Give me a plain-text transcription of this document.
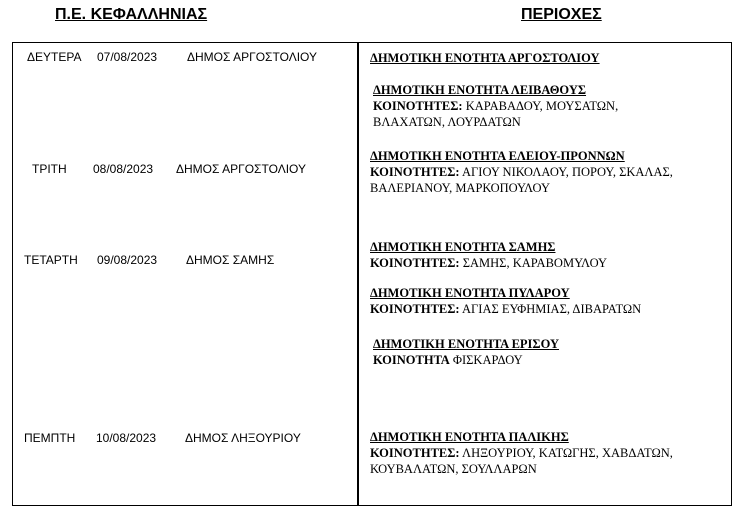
Π.Ε. ΚΕΦΑΛΛΗΝΙΑΣ	ΠΕΡΙΟΧΕΣ
ΔΕΥΤΕΡΑ 07/08/2023 ΔΗΜΟΣ ΑΡΓΟΣΤΟΛΙΟΥ
ΤΡΙΤΗ 08/08/2023 ΔΗΜΟΣ ΑΡΓΟΣΤΟΛΙΟΥ
ΤΕΤΑΡΤΗ 09/08/2023 ΔΗΜΟΣ ΣΑΜΗΣ
ΠΕΜΠΤΗ 10/08/2023 ΔΗΜΟΣ ΛΗΞΟΥΡΙΟΥ
ΔΗΜΟΤΙΚΗ ΕΝΟΤΗΤΑ ΑΡΓΟΣΤΟΛΙΟΥ
ΔΗΜΟΤΙΚΗ ΕΝΟΤΗΤΑ ΛΕΙΒΑΘΟΥΣ
ΚΟΙΝΟΤΗΤΕΣ: ΚΑΡΑΒΑΔΟΥ, ΜΟΥΣΑΤΩΝ,
ΒΛΑΧΑΤΩΝ, ΛΟΥΡΔΑΤΩΝ
ΔΗΜΟΤΙΚΗ ΕΝΟΤΗΤΑ ΕΛΕΙΟΥ-ΠΡΟΝΝΩΝ
ΚΟΙΝΟΤΗΤΕΣ: ΑΓΙΟΥ ΝΙΚΟΛΑΟΥ, ΠΟΡΟΥ, ΣΚΑΛΑΣ,
ΒΑΛΕΡΙΑΝΟΥ, ΜΑΡΚΟΠΟΥΛΟΥ
ΔΗΜΟΤΙΚΗ ΕΝΟΤΗΤΑ ΣΑΜΗΣ
ΚΟΙΝΟΤΗΤΕΣ: ΣΑΜΗΣ, ΚΑΡΑΒΟΜΥΛΟΥ
ΔΗΜΟΤΙΚΗ ΕΝΟΤΗΤΑ ΠΥΛΑΡΟΥ
ΚΟΙΝΟΤΗΤΕΣ: ΑΓΙΑΣ ΕΥΦΗΜΙΑΣ, ΔΙΒΑΡΑΤΩΝ
ΔΗΜΟΤΙΚΗ ΕΝΟΤΗΤΑ ΕΡΙΣΟΥ
ΚΟΙΝΟΤΗΤΑ ΦΙΣΚΑΡΔΟΥ
ΔΗΜΟΤΙΚΗ ΕΝΟΤΗΤΑ ΠΑΛΙΚΗΣ
ΚΟΙΝΟΤΗΤΕΣ: ΛΗΞΟΥΡΙΟΥ, ΚΑΤΩΓΗΣ, ΧΑΒΔΑΤΩΝ,
ΚΟΥΒΑΛΑΤΩΝ, ΣΟΥΛΛΑΡΩΝ
